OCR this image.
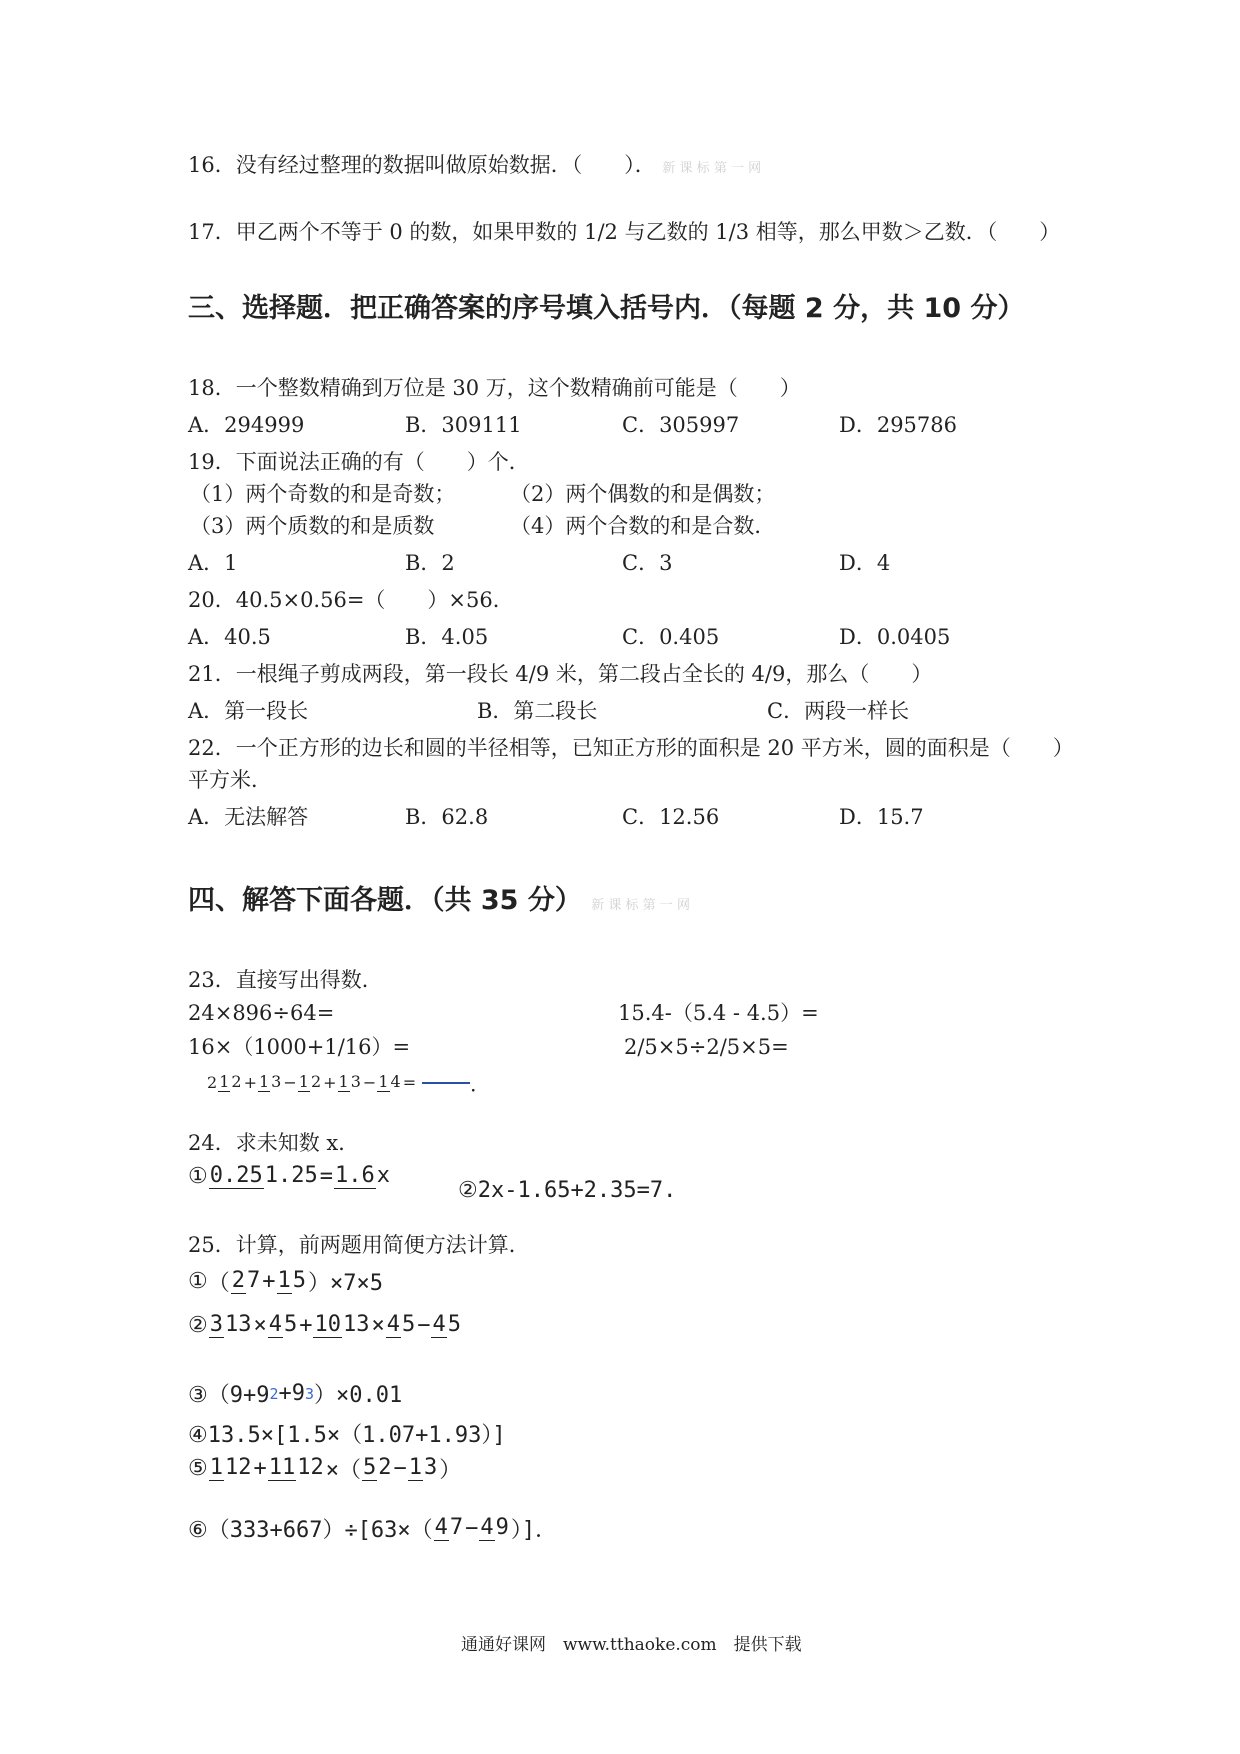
16．没有经过整理的数据叫做原始数据．（　　）． 新 课 标 第 一 网
17．甲乙两个不等于 0 的数，如果甲数的 1/2 与乙数的 1/3 相等，那么甲数＞乙数．（　　）
三、选择题．把正确答案的序号填入括号内．（每题 2 分，共 10 分）
18．一个整数精确到万位是 30 万，这个数精确前可能是（　　）
A．294999	B．309111	C．305997	D．295786
19．下面说法正确的有（　　）个．
（1）两个奇数的和是奇数；	（2）两个偶数的和是偶数；
（3）两个质数的和是质数	（4）两个合数的和是合数．
A．1	B．2	C．3	D．4
20．40.5×0.56=（　　）×56．
A．40.5	B．4.05	C．0.405	D．0.0405
21．一根绳子剪成两段，第一段长 4/9 米，第二段占全长的 4/9，那么（　　）
A．第一段长	B．第二段长	C．两段一样长
22．一个正方形的边长和圆的半径相等，已知正方形的面积是 20 平方米，圆的面积是（　　）
平方米．
A．无法解答	B．62.8	C．12.56	D．15.7
四、解答下面各题．（共 35 分） 新 课 标 第 一 网
23．直接写出得数．
24×896÷64=	15.4-（5.4 - 4.5）=
16×（1000+1/16）=	2/5×5÷2/5×5=
2 1 2 + 1 3 − 1 2 + 1 3 − 1 4 =	．
24．求未知数 x．
① 0.251.25 = 1.6x
②2x-1.65+2.35=7.
25．计算，前两题用简便方法计算．
① （ 27 + 15 ）×7×5
② 313 × 45 + 1013 × 45 − 45
③（9+9 2 +9 3 ）×0.01
④13.5×[1.5×（1.07+1.93）]
⑤ 112 + 1112 ×（ 52 − 13 ）
⑥（333+667）÷[63×（ 47 − 49 ）]．
通通好课网　www.tthaoke.com　提供下载
